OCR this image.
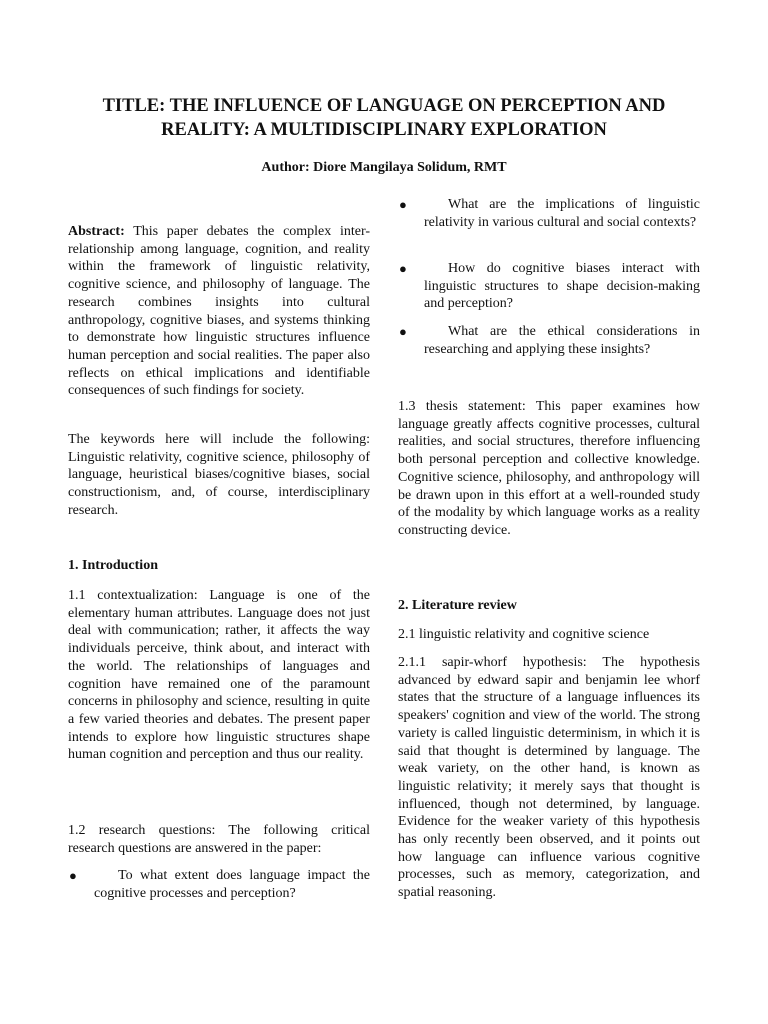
TITLE: THE INFLUENCE OF LANGUAGE ON PERCEPTION AND REALITY: A MULTIDISCIPLINARY EXPLORATION
Author: Diore Mangilaya Solidum, RMT

Abstract: This paper debates the complex inter-relationship among language, cognition, and reality within the framework of linguistic relativity, cognitive science, and philosophy of language. The research combines insights into cultural anthropology, cognitive biases, and systems thinking to demonstrate how linguistic structures influence human perception and social realities. The paper also reflects on ethical implications and identifiable consequences of such findings for society.

The keywords here will include the following: Linguistic relativity, cognitive science, philosophy of language, heuristical biases/cognitive biases, social constructionism, and, of course, interdisciplinary research.

1. Introduction

1.1 contextualization: Language is one of the elementary human attributes. Language does not just deal with communication; rather, it affects the way individuals perceive, think about, and interact with the world. The relationships of languages and cognition have remained one of the paramount concerns in philosophy and science, resulting in quite a few varied theories and debates. The present paper intends to explore how linguistic structures shape human cognition and perception and thus our reality.

1.2 research questions: The following critical research questions are answered in the paper:

●	To what extent does language impact the cognitive processes and perception?

●	What are the implications of linguistic relativity in various cultural and social contexts?

●	How do cognitive biases interact with linguistic structures to shape decision-making and perception?

●	What are the ethical considerations in researching and applying these insights?

1.3 thesis statement: This paper examines how language greatly affects cognitive processes, cultural realities, and social structures, therefore influencing both personal perception and collective knowledge. Cognitive science, philosophy, and anthropology will be drawn upon in this effort at a well-rounded study of the modality by which language works as a reality constructing device.

2. Literature review

2.1 linguistic relativity and cognitive science

2.1.1 sapir-whorf hypothesis: The hypothesis advanced by edward sapir and benjamin lee whorf states that the structure of a language influences its speakers' cognition and view of the world. The strong variety is called linguistic determinism, in which it is said that thought is determined by language. The weak variety, on the other hand, is known as linguistic relativity; it merely says that thought is influenced, though not determined, by language. Evidence for the weaker variety of this hypothesis has only recently been observed, and it points out how language can influence various cognitive processes, such as memory, categorization, and spatial reasoning.
